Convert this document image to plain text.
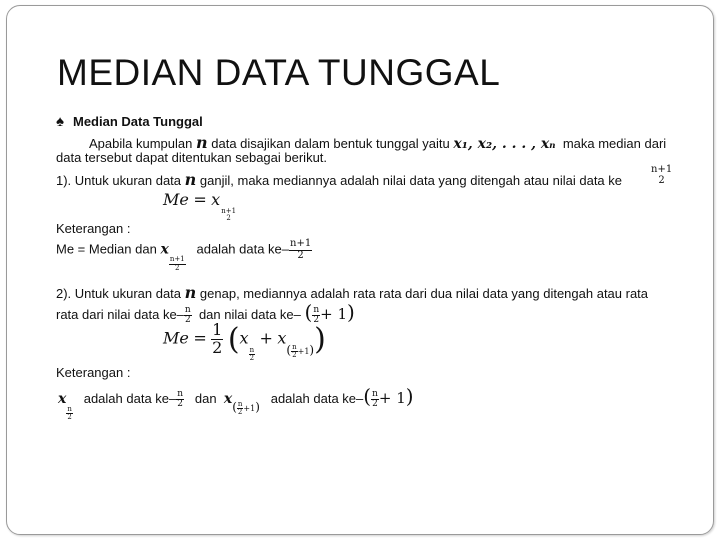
MEDIAN DATA TUNGGAL
♠ Median Data Tunggal
Apabila kumpulan n data disajikan dalam bentuk tunggal yaitu x₁, x₂, . . . , xₙ maka median dari
data tersebut dapat ditentukan sebagai berikut.
1). Untuk ukuran data n ganjil, maka mediannya adalah nilai data yang ditengah atau nilai data ke
n+1
2
Me = x
n+1
2
Keterangan :
Me = Median dan x
$\frac{n+1}{2}$
adalah data $ke- \frac{n+1}{2}$
2). Untuk ukuran data n genap, mediannya adalah rata rata dari dua nilai data yang ditengah atau rata
rata dari nilai data $ke- \frac{n}{2}$ dan nilai data ke– ( $\frac{n}{2} + 1$)
$Me = \frac{1}{2} (x$
$\frac{n}{2}$
+ $x_{( \frac{n}{2} +1)}$)
Keterangan :
x
$\frac{n}{2}$
adalah data $ke- \frac{n}{2}$ dan $x_{( \frac{n}{2} +1)}$   adalah data $ke-( \frac{n}{2} + 1)$
